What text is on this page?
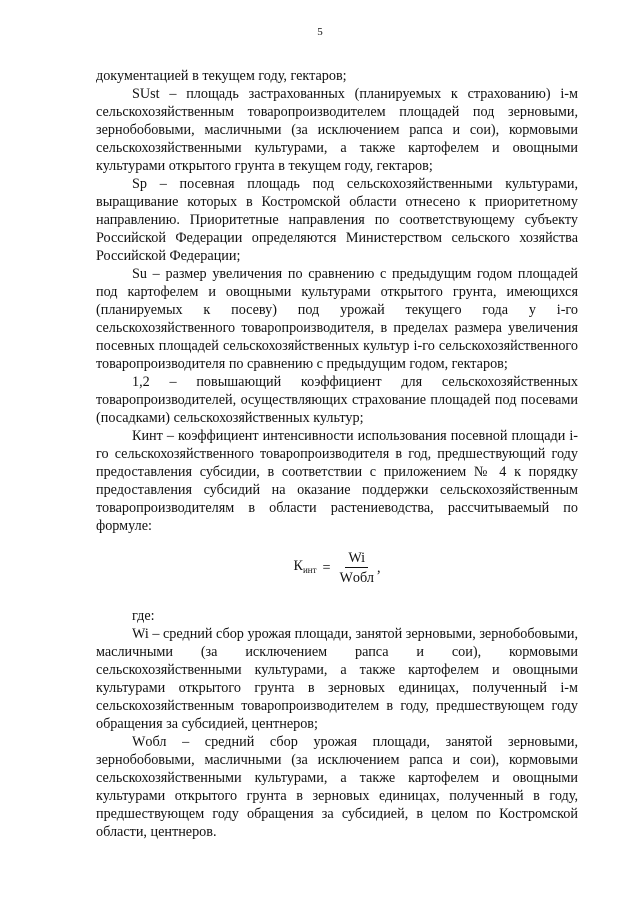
5

документацией в текущем году, гектаров;

SUst – площадь застрахованных (планируемых к страхованию) i-м сельскохозяйственным товаропроизводителем площадей под зерновыми, зернобобовыми, масличными (за исключением рапса и сои), кормовыми сельскохозяйственными культурами, а также картофелем и овощными культурами открытого грунта в текущем году, гектаров;

Sp – посевная площадь под сельскохозяйственными культурами, выращивание которых в Костромской области отнесено к приоритетному направлению. Приоритетные направления по соответствующему субъекту Российской Федерации определяются Министерством сельского хозяйства Российской Федерации;

Su – размер увеличения по сравнению с предыдущим годом площадей под картофелем и овощными культурами открытого грунта, имеющихся (планируемых к посеву) под урожай текущего года у i-го сельскохозяйственного товаропроизводителя, в пределах размера увеличения посевных площадей сельскохозяйственных культур i-го сельскохозяйственного товаропроизводителя по сравнению с предыдущим годом, гектаров;

1,2 – повышающий коэффициент для сельскохозяйственных товаропроизводителей, осуществляющих страхование площадей под посевами (посадками) сельскохозяйственных культур;

Кинт – коэффициент интенсивности использования посевной площади i-го сельскохозяйственного товаропроизводителя в год, предшествующий году предоставления субсидии, в соответствии с приложением № 4 к порядку предоставления субсидий на оказание поддержки сельскохозяйственным товаропроизводителям в области растениеводства, рассчитываемый по формуле:

$К_{инт} = \frac{Wi}{\text{Wобл}}$ ,

где:

Wi – средний сбор урожая площади, занятой зерновыми, зернобобовыми, масличными (за исключением рапса и сои), кормовыми сельскохозяйственными культурами, а также картофелем и овощными культурами открытого грунта в зерновых единицах, полученный i-м сельскохозяйственным товаропроизводителем в году, предшествующем году обращения за субсидией, центнеров;

Wобл – средний сбор урожая площади, занятой зерновыми, зернобобовыми, масличными (за исключением рапса и сои), кормовыми сельскохозяйственными культурами, а также картофелем и овощными культурами открытого грунта в зерновых единицах, полученный в году, предшествующем году обращения за субсидией, в целом по Костромской области, центнеров.
